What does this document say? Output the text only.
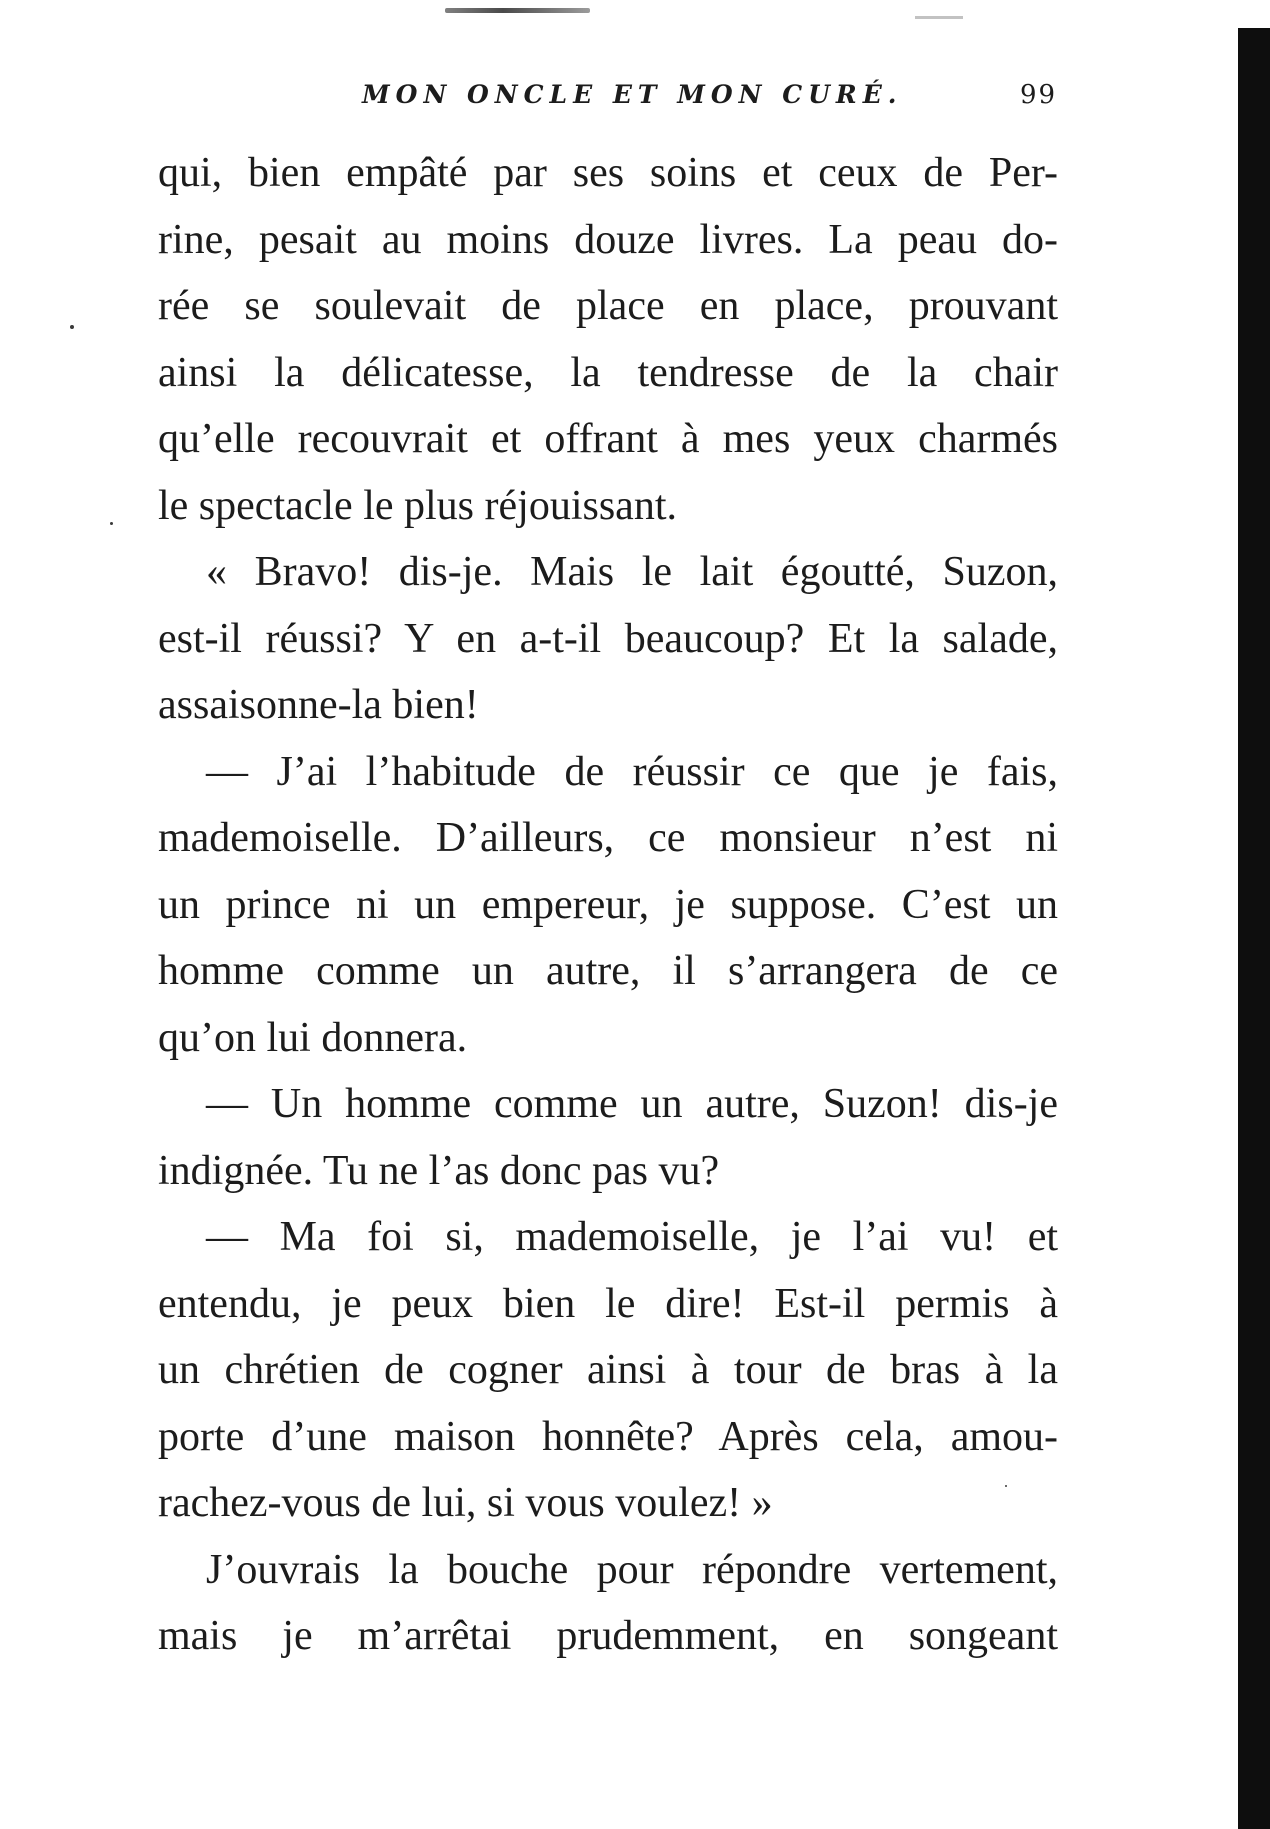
MON ONCLE ET MON CURÉ.	99
qui, bien empâté par ses soins et ceux de Per-
rine, pesait au moins douze livres. La peau do-
rée se soulevait de place en place, prouvant
ainsi la délicatesse, la tendresse de la chair
qu’elle recouvrait et offrant à mes yeux charmés
le spectacle le plus réjouissant.
« Bravo! dis-je. Mais le lait égoutté, Suzon,
est-il réussi? Y en a-t-il beaucoup? Et la salade,
assaisonne-la bien!
— J’ai l’habitude de réussir ce que je fais,
mademoiselle. D’ailleurs, ce monsieur n’est ni
un prince ni un empereur, je suppose. C’est un
homme comme un autre, il s’arrangera de ce
qu’on lui donnera.
— Un homme comme un autre, Suzon! dis-je
indignée. Tu ne l’as donc pas vu?
— Ma foi si, mademoiselle, je l’ai vu! et
entendu, je peux bien le dire! Est-il permis à
un chrétien de cogner ainsi à tour de bras à la
porte d’une maison honnête? Après cela, amou-
rachez-vous de lui, si vous voulez! »
J’ouvrais la bouche pour répondre vertement,
mais je m’arrêtai prudemment, en songeant
